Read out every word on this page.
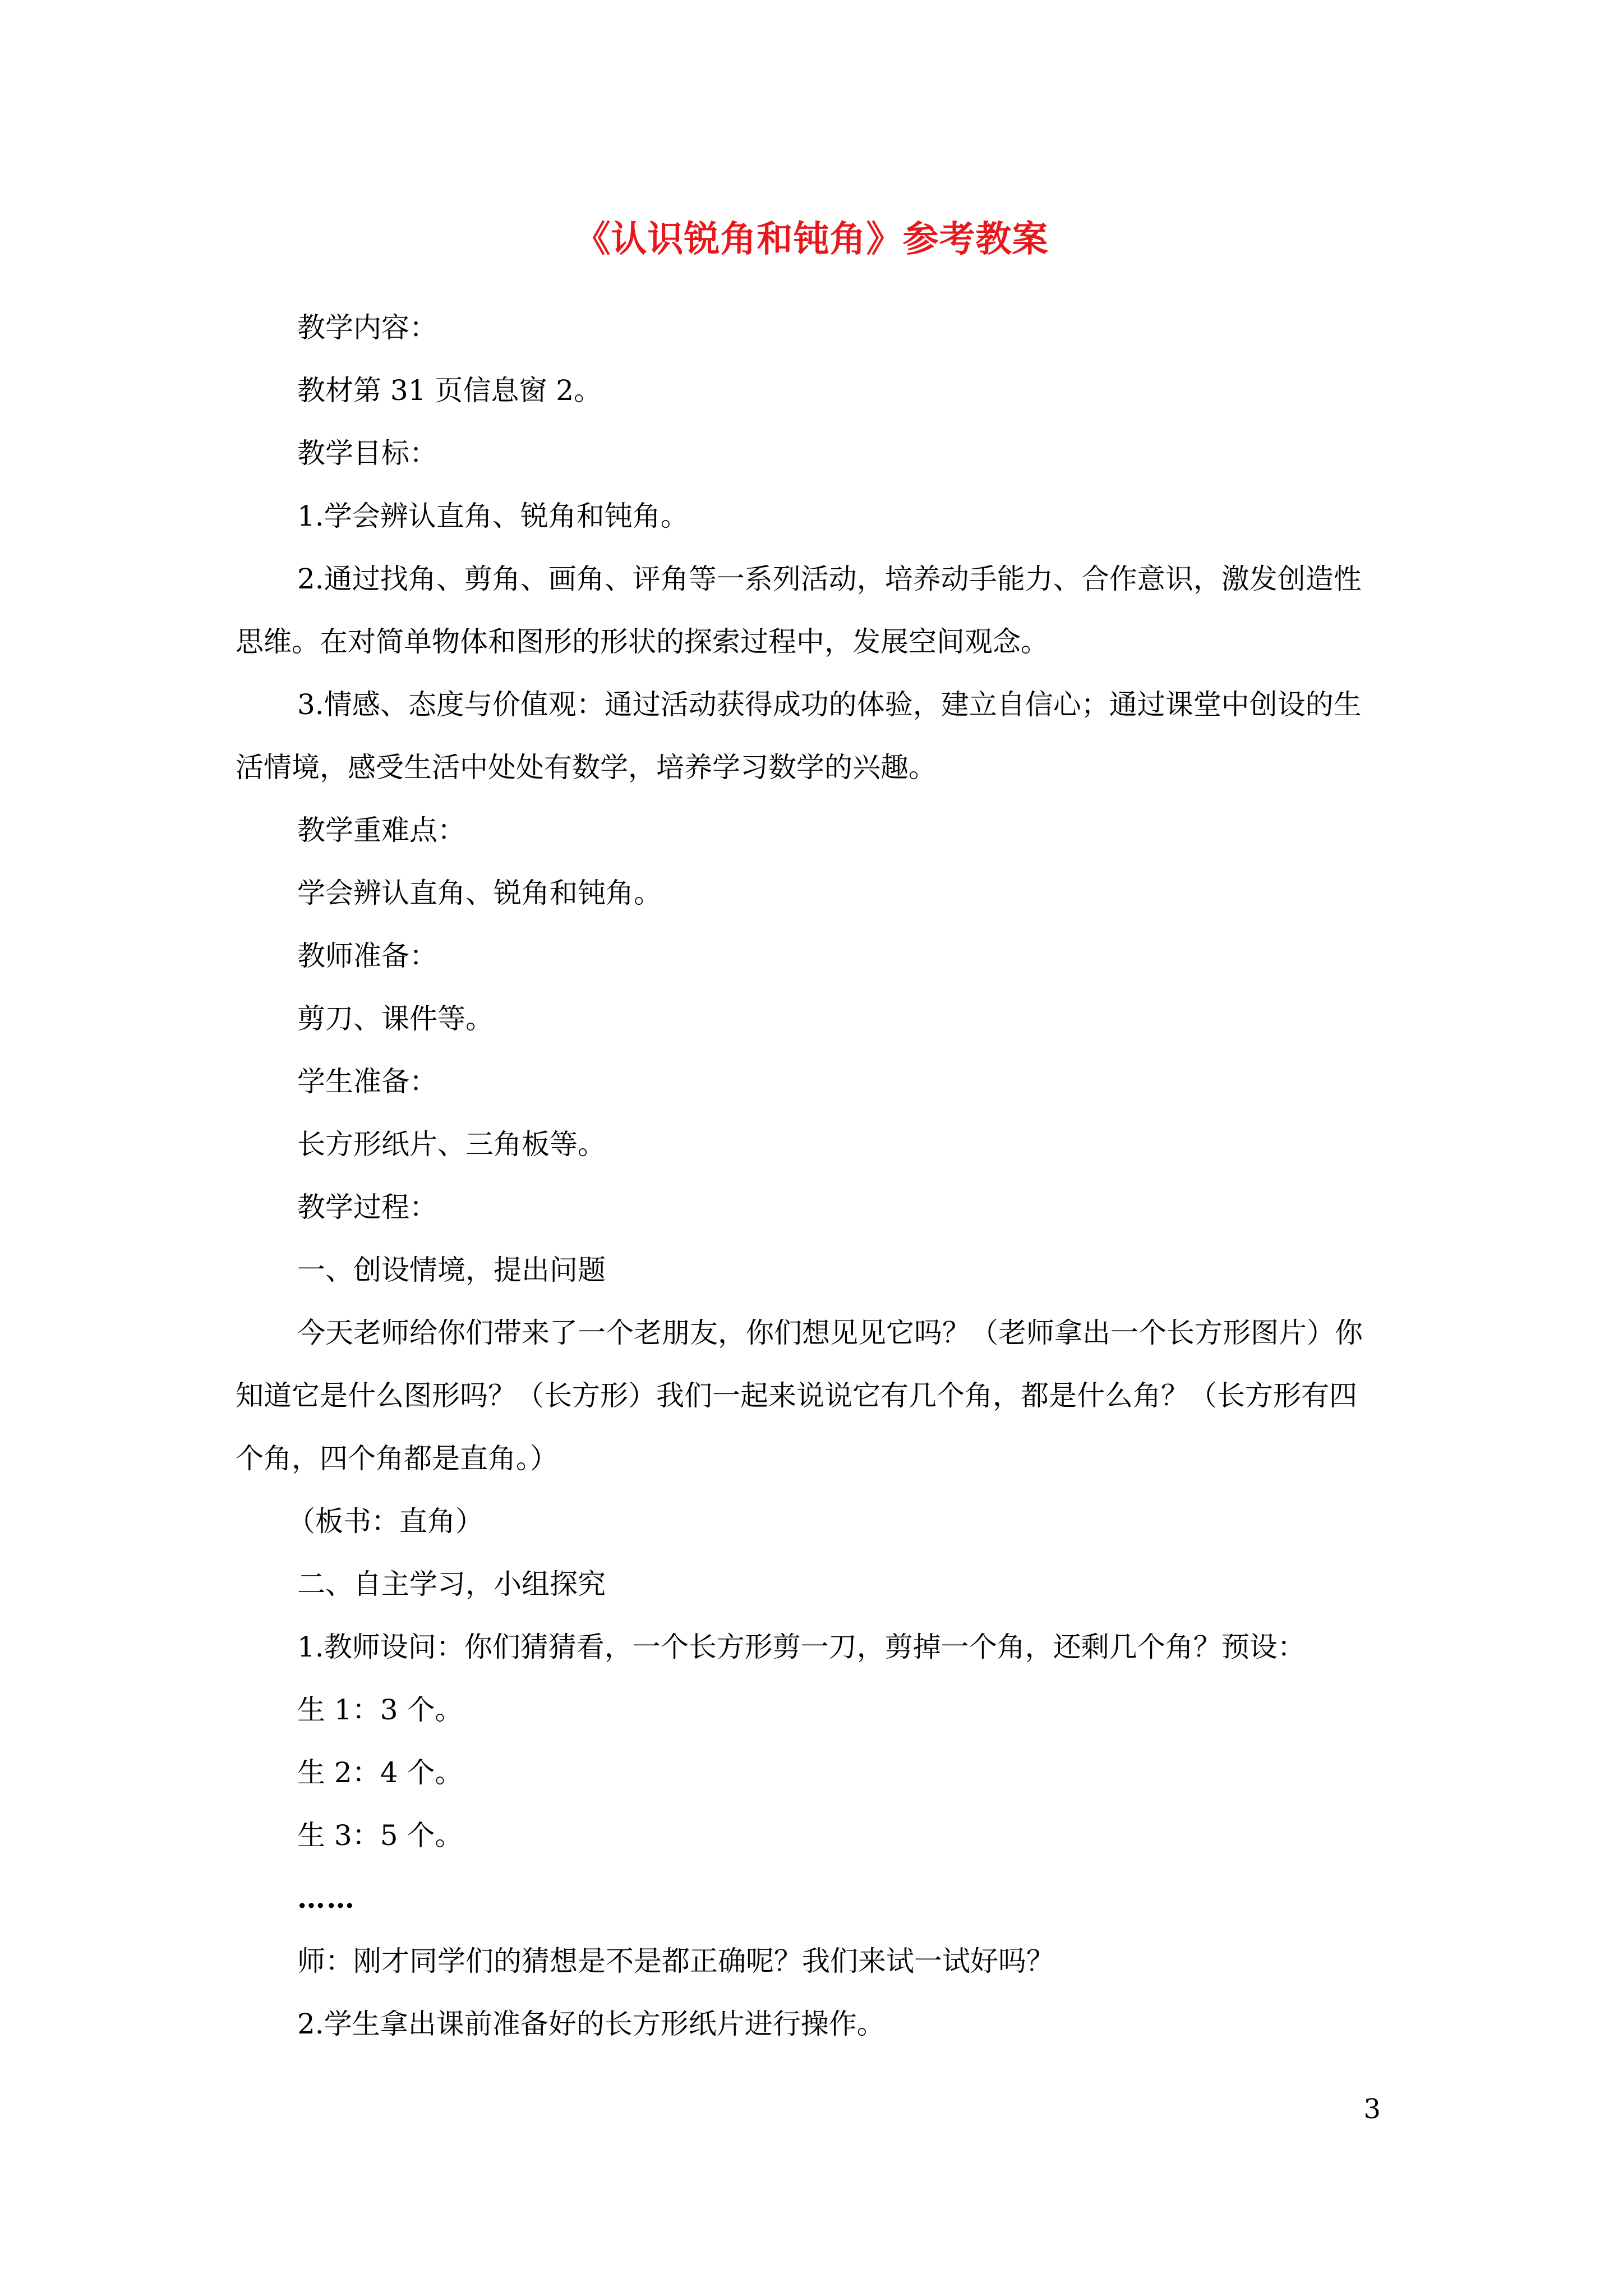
《认识锐角和钝角》参考教案

教学内容：

教材第 31 页信息窗 2。

教学目标：

1.学会辨认直角、锐角和钝角。

2.通过找角、剪角、画角、评角等一系列活动，培养动手能力、合作意识，激发创造性

思维。在对简单物体和图形的形状的探索过程中，发展空间观念。

3.情感、态度与价值观：通过活动获得成功的体验，建立自信心；通过课堂中创设的生

活情境，感受生活中处处有数学，培养学习数学的兴趣。

教学重难点：

学会辨认直角、锐角和钝角。

教师准备：

剪刀、课件等。

学生准备：

长方形纸片、三角板等。

教学过程：

一、创设情境，提出问题

今天老师给你们带来了一个老朋友，你们想见见它吗？（老师拿出一个长方形图片）你

知道它是什么图形吗？（长方形）我们一起来说说它有几个角，都是什么角？（长方形有四

个角，四个角都是直角。）

（板书：直角）

二、自主学习，小组探究

1.教师设问：你们猜猜看，一个长方形剪一刀，剪掉一个角，还剩几个角？预设：

生 1：3 个。

生 2：4 个。

生 3：5 个。

……

师：刚才同学们的猜想是不是都正确呢？我们来试一试好吗？

2.学生拿出课前准备好的长方形纸片进行操作。

3
